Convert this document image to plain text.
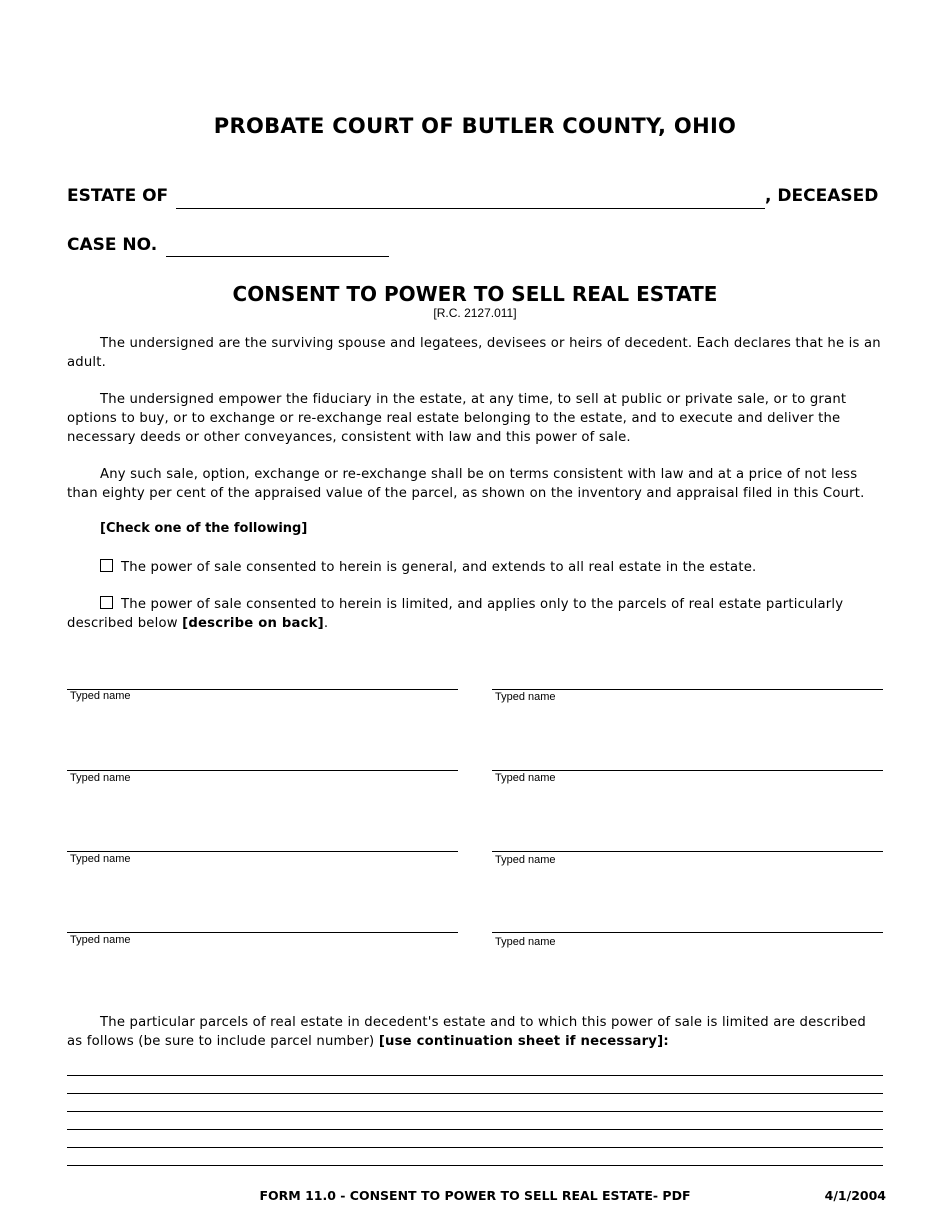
PROBATE COURT OF BUTLER COUNTY, OHIO
ESTATE OF	, DECEASED
CASE NO.
CONSENT TO POWER TO SELL REAL ESTATE
[R.C. 2127.011]
The undersigned are the surviving spouse and legatees, devisees or heirs of decedent. Each declares that he is an adult.
The undersigned empower the fiduciary in the estate, at any time, to sell at public or private sale, or to grant options to buy, or to exchange or re-exchange real estate belonging to the estate, and to execute and deliver the necessary deeds or other conveyances, consistent with law and this power of sale.
Any such sale, option, exchange or re-exchange shall be on terms consistent with law and at a price of not less than eighty per cent of the appraised value of the parcel, as shown on the inventory and appraisal filed in this Court.
[Check one of the following]
The power of sale consented to herein is general, and extends to all real estate in the estate.
The power of sale consented to herein is limited, and applies only to the parcels of real estate particularly described below [describe on back].
Typed name
Typed name
Typed name
Typed name
Typed name
Typed name
Typed name
Typed name
The particular parcels of real estate in decedent's estate and to which this power of sale is limited are described as follows (be sure to include parcel number) [use continuation sheet if necessary]:
FORM 11.0 - CONSENT TO POWER TO SELL REAL ESTATE- PDF	4/1/2004
